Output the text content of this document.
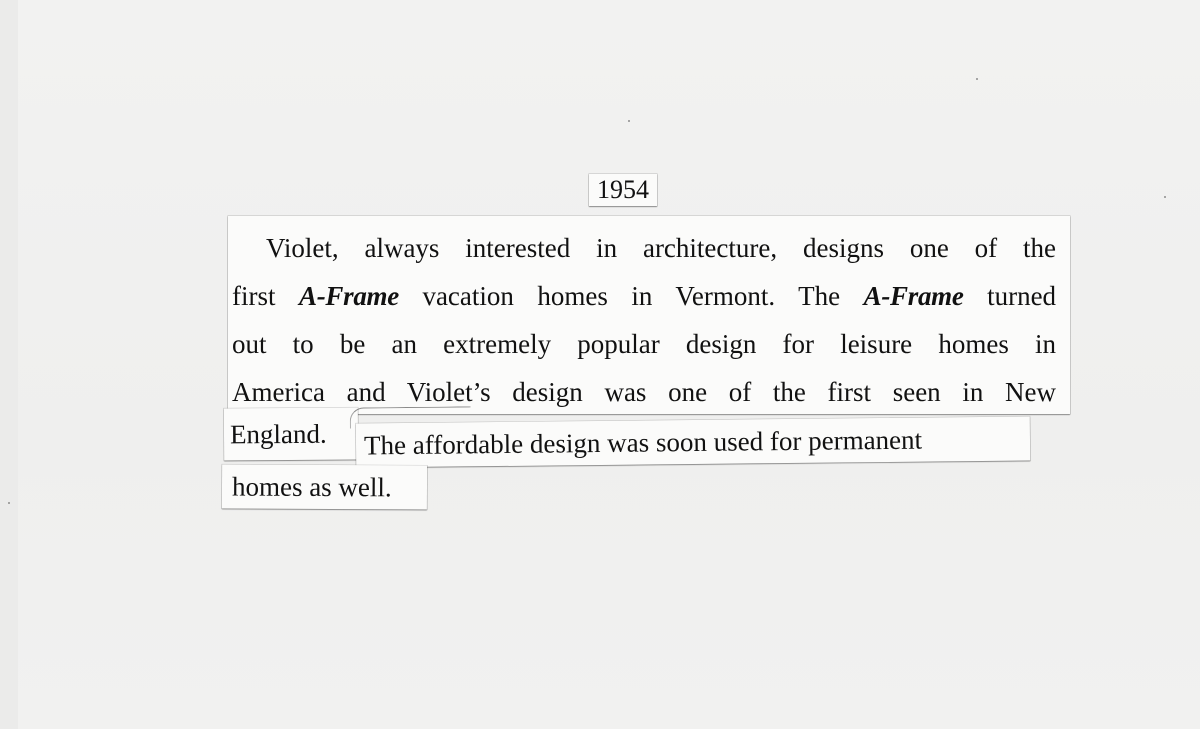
1954
Violet, always interested in architecture, designs one of the
first A-Frame vacation homes in Vermont. The A-Frame turned
out to be an extremely popular design for leisure homes in
America and Violet’s design was one of the first seen in New
England.	The affordable design was soon used for permanent
homes as well.
